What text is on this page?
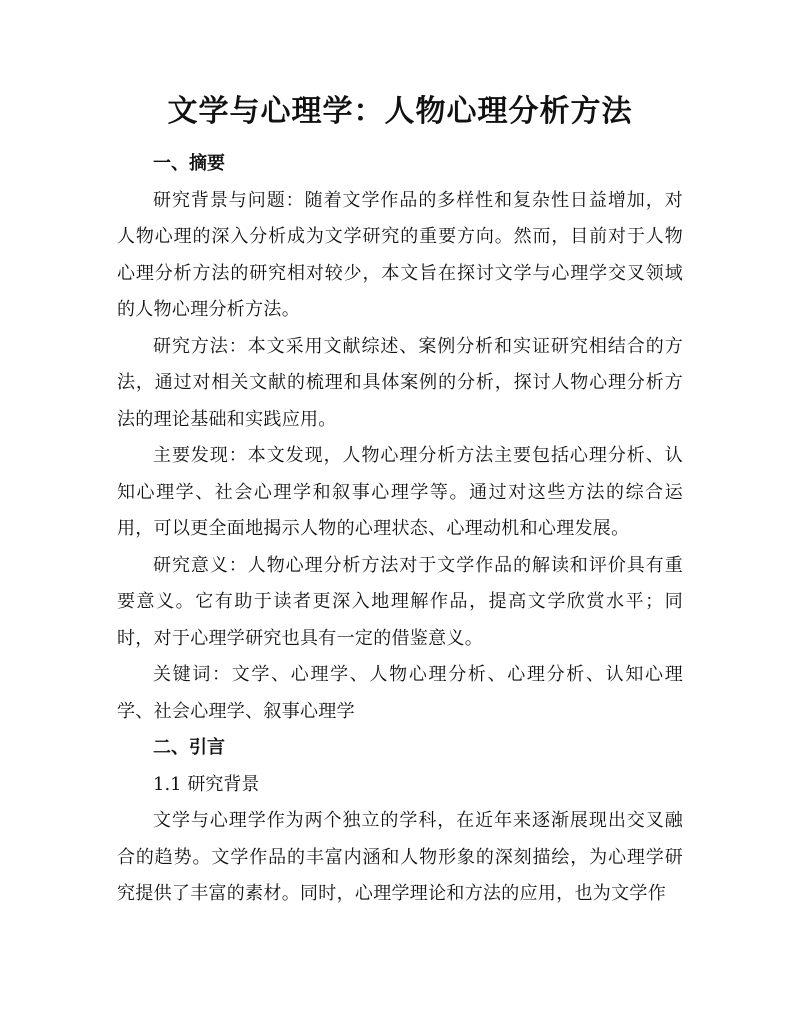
文学与心理学：人物心理分析方法

一、摘要

研究背景与问题：随着文学作品的多样性和复杂性日益增加，对人物心理的深入分析成为文学研究的重要方向。然而，目前对于人物心理分析方法的研究相对较少，本文旨在探讨文学与心理学交叉领域的人物心理分析方法。

研究方法：本文采用文献综述、案例分析和实证研究相结合的方法，通过对相关文献的梳理和具体案例的分析，探讨人物心理分析方法的理论基础和实践应用。

主要发现：本文发现，人物心理分析方法主要包括心理分析、认知心理学、社会心理学和叙事心理学等。通过对这些方法的综合运用，可以更全面地揭示人物的心理状态、心理动机和心理发展。

研究意义：人物心理分析方法对于文学作品的解读和评价具有重要意义。它有助于读者更深入地理解作品，提高文学欣赏水平；同时，对于心理学研究也具有一定的借鉴意义。

关键词：文学、心理学、人物心理分析、心理分析、认知心理学、社会心理学、叙事心理学

二、引言

1.1 研究背景

文学与心理学作为两个独立的学科，在近年来逐渐展现出交叉融合的趋势。文学作品的丰富内涵和人物形象的深刻描绘，为心理学研究提供了丰富的素材。同时，心理学理论和方法的应用，也为文学作
